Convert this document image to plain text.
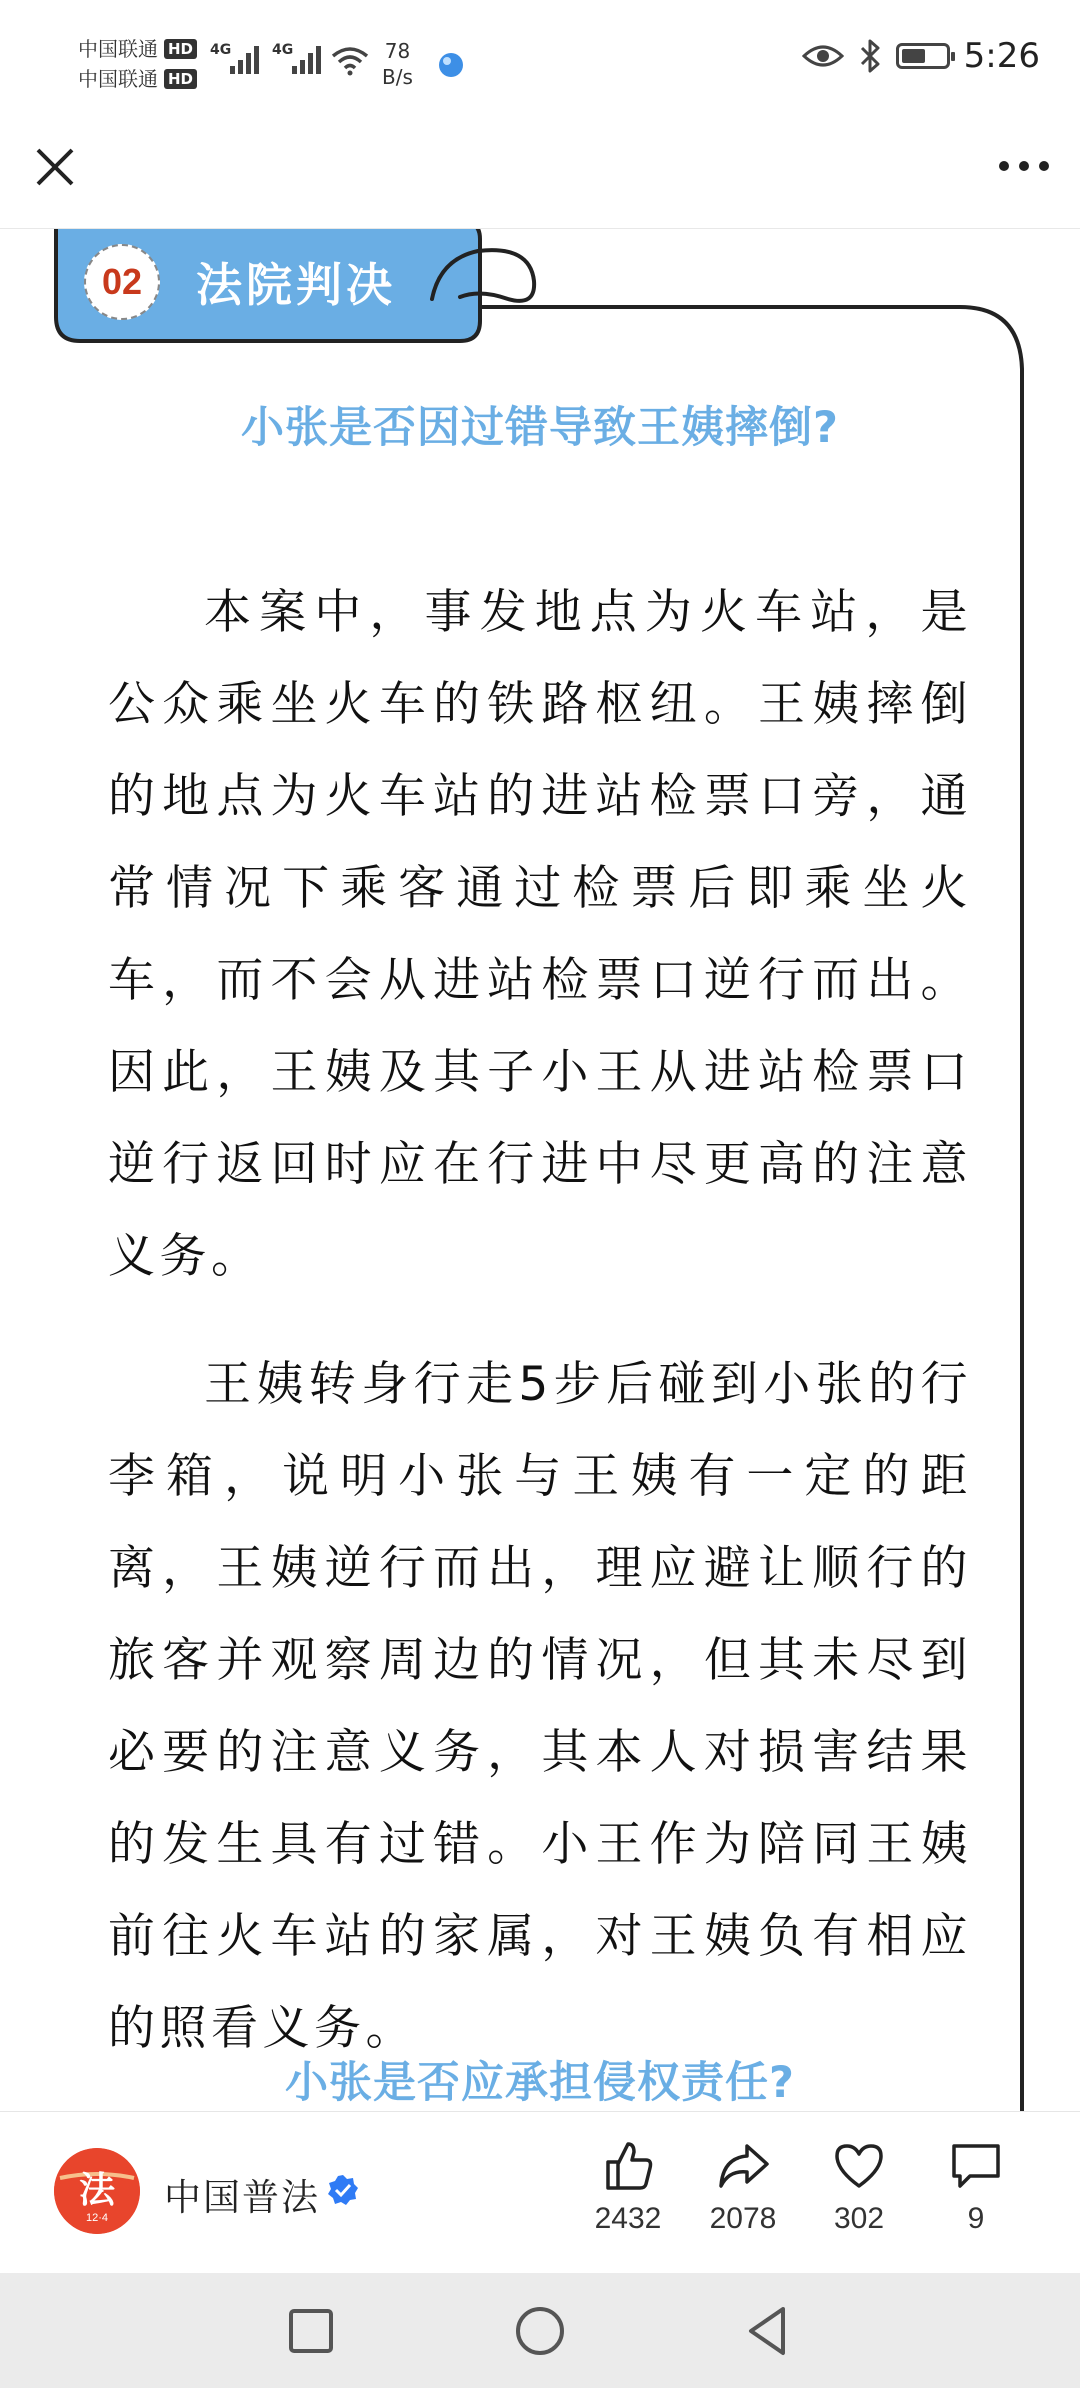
中国联通 HD
中国联通 HD
4G	4G	78
B/s
5:26
02	法院判决
小张是否因过错导致王姨摔倒?

本案中，事发地点为火车站，是公众乘坐火车的铁路枢纽。王姨摔倒的地点为火车站的进站检票口旁，通常情况下乘客通过检票后即乘坐火车，而不会从进站检票口逆行而出。因此，王姨及其子小王从进站检票口逆行返回时应在行进中尽更高的注意义务。

王姨转身行走5步后碰到小张的行李箱，说明小张与王姨有一定的距离，王姨逆行而出，理应避让顺行的旅客并观察周边的情况，但其未尽到必要的注意义务，其本人对损害结果的发生具有过错。小王作为陪同王姨前往火车站的家属，对王姨负有相应的照看义务。

小张是否应承担侵权责任?
法
12·4	中国普法	2432	2078	302	9
